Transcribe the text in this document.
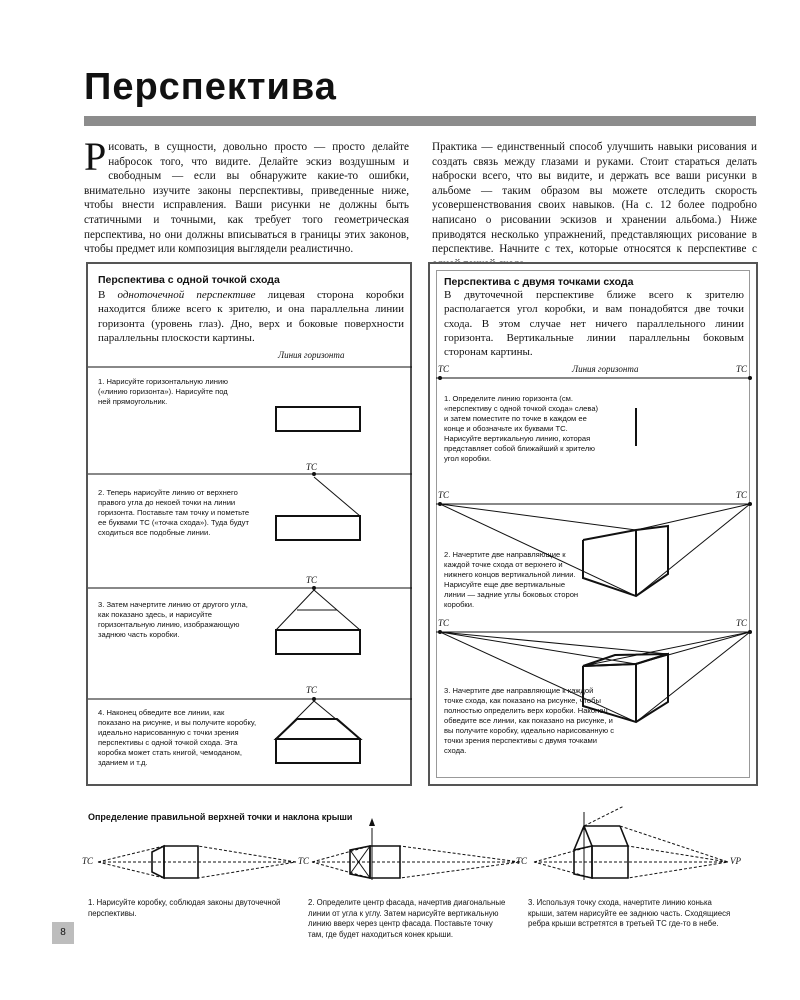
Перспектива
Рисовать, в сущности, довольно просто — просто делайте набросок того, что видите. Делайте эскиз воздушным и свободным — если вы обнаружите какие-то ошибки, внимательно изучите законы перспективы, приведенные ниже, чтобы внести исправления. Ваши рисунки не должны быть статичными и точными, как требует того геометрическая перспектива, но они должны вписываться в границы этих законов, чтобы предмет или композиция выглядели реалистично.
Практика — единственный способ улучшить навыки рисования и создать связь между глазами и руками. Стоит стараться делать наброски всего, что вы видите, и держать все ваши рисунки в альбоме — таким образом вы можете отследить скорость усовершенствования своих навыков. (На с. 12 более подробно написано о рисовании эскизов и хранении альбома.) Ниже приводятся несколько упражнений, представляющих рисование в перспективе. Начните с тех, которые относятся к перспективе с
Перспектива с одной точкой схода
В одноточечной перспективе лицевая сторона коробки находится ближе всего к зрителю, и она параллельна линии горизонта (уровень глаз). Дно, верх и боковые поверхности параллельны плоскости картины.
Линия горизонта
ТС
ТС
ТС
1. Нарисуйте горизонтальную линию («линию горизонта»). Нарисуйте под ней прямоугольник.
2. Теперь нарисуйте линию от верхнего правого угла до некоей точки на линии горизонта. Поставьте там точку и пометьте ее буквами ТС («точка схода»). Туда будут сходиться все подобные линии.
3. Затем начертите линию от другого угла, как показано здесь, и нарисуйте горизонтальную линию, изображающую заднюю часть коробки.
4. Наконец обведите все линии, как показано на рисунке, и вы получите коробку, идеально нарисованную с точки зрения перспективы с одной точкой схода. Эта коробка может стать книгой, чемоданом, зданием и т.д.
Перспектива с двумя точками схода
В двуточечной перспективе ближе всего к зрителю располагается угол коробки, и вам понадобятся две точки схода. В этом случае нет ничего параллельного линии горизонта. Вертикальные линии параллельны боковым сторонам картины.
ТС	ТС
Линия горизонта
ТС	ТС
ТС	ТС
1. Определите линию горизонта (см. «перспективу с одной точкой схода» слева) и затем поместите по точке в каждом ее конце и обозначьте их буквами ТС. Нарисуйте вертикальную линию, которая представляет собой ближайший к зрителю угол коробки.
2. Начертите две направляющие к каждой точке схода от верхнего и нижнего концов вертикальной линии. Нарисуйте еще две вертикальные линии — задние углы боковых сторон коробки.
3. Начертите две направляющие к каждой точке схода, как показано на рисунке, чтобы полностью определить верх коробки. Наконец обведите все линии, как показано на рисунке, и вы получите коробку, идеально нарисованную с точки зрения перспективы с двумя точками схода.
Определение правильной верхней точки и наклона крыши
ТС	ТС	ТС	VP
1. Нарисуйте коробку, соблюдая законы двуточечной перспективы.
2. Определите центр фасада, начертив диагональные линии от угла к углу. Затем нарисуйте вертикальную линию вверх через центр фасада. Поставьте точку там, где будет находиться конек крыши.
3. Используя точку схода, начертите линию конька крыши, затем нарисуйте ее заднюю часть. Сходящиеся ребра крыши встретятся в третьей ТС где-то в небе.
8
